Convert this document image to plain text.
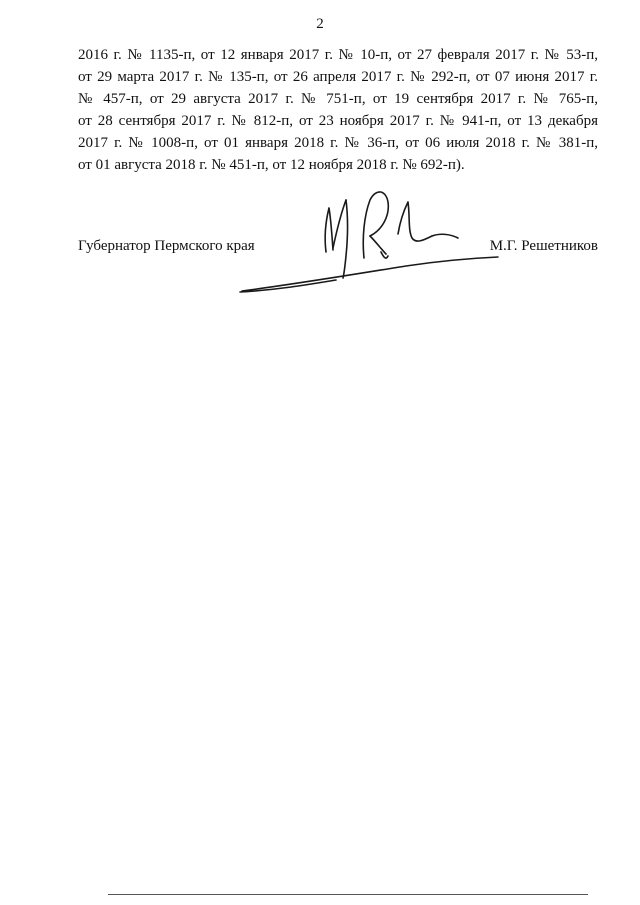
2
2016 г. № 1135-п, от 12 января 2017 г. № 10-п, от 27 февраля 2017 г. № 53-п,
от 29 марта 2017 г. № 135-п, от 26 апреля 2017 г. № 292-п, от 07 июня 2017 г.
№ 457-п, от 29 августа 2017 г. № 751-п, от 19 сентября 2017 г. № 765-п,
от 28 сентября 2017 г. № 812-п, от 23 ноября 2017 г. № 941-п, от 13 декабря
2017 г. № 1008-п, от 01 января 2018 г. № 36-п, от 06 июля 2018 г. № 381-п,
от 01 августа 2018 г. № 451-п, от 12 ноября 2018 г. № 692-п).
Губернатор Пермского края	М.Г. Решетников
